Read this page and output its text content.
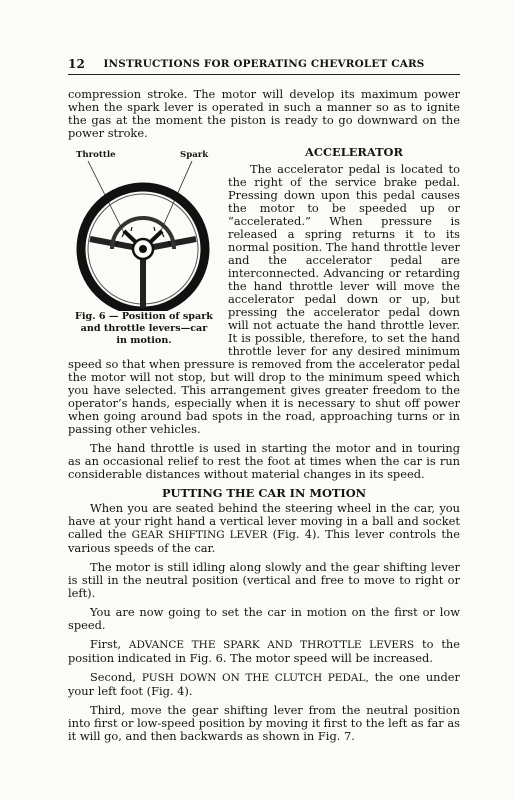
12	INSTRUCTIONS FOR OPERATING CHEVROLET CARS

compression stroke. The motor will develop its maximum power when the spark lever is operated in such a manner so as to ignite the gas at the moment the piston is ready to go downward on the power stroke.

ACCELERATOR
Throttle	Spark
Fig. 6 — Position of spark and throttle levers—car in motion.

The accelerator pedal is located to the right of the service brake pedal. Pressing down upon this pedal causes the motor to be speeded up or “accelerated.” When pressure is released a spring returns it to its normal position. The hand throttle lever and the accelerator pedal are interconnected. Advancing or retarding the hand throttle lever will move the accelerator pedal down or up, but pressing the accelerator pedal down will not actuate the hand throttle lever. It is possible, therefore, to set the hand throttle lever for any desired minimum speed so that when pressure is removed from the accelerator pedal the motor will not stop, but will drop to the minimum speed which you have selected. This arrangement gives greater freedom to the operator’s hands, especially when it is necessary to shut off power when going around bad spots in the road, approaching turns or in passing other vehicles.

The hand throttle is used in starting the motor and in touring as an occasional relief to rest the foot at times when the car is run considerable distances without material changes in its speed.

PUTTING THE CAR IN MOTION

When you are seated behind the steering wheel in the car, you have at your right hand a vertical lever moving in a ball and socket called the GEAR SHIFTING LEVER (Fig. 4). This lever controls the various speeds of the car.

The motor is still idling along slowly and the gear shifting lever is still in the neutral position (vertical and free to move to right or left).

You are now going to set the car in motion on the first or low speed.

First, ADVANCE THE SPARK AND THROTTLE LEVERS to the position indicated in Fig. 6. The motor speed will be increased.

Second, PUSH DOWN ON THE CLUTCH PEDAL, the one under your left foot (Fig. 4).

Third, move the gear shifting lever from the neutral position into first or low-speed position by moving it first to the left as far as it will go, and then backwards as shown in Fig. 7.
